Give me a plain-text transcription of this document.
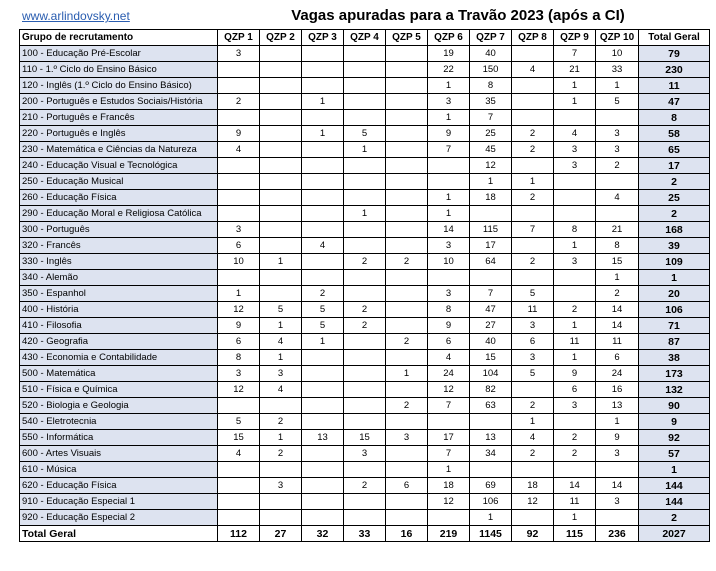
www.arlindovsky.net	Vagas apuradas para a Travão 2023 (após a CI)
Grupo de recrutamento	QZP 1	QZP 2	QZP 3	QZP 4	QZP 5	QZP 6	QZP 7	QZP 8	QZP 9	QZP 10	Total Geral
100 - Educação Pré-Escolar	3					19	40		7	10	79
110 - 1.º Ciclo do Ensino Básico						22	150	4	21	33	230
120 - Inglês (1.º Ciclo do Ensino Básico)						1	8		1	1	11
200 - Português e Estudos Sociais/História	2		1			3	35		1	5	47
210 - Português e Francês						1	7				8
220 - Português e Inglês	9		1	5		9	25	2	4	3	58
230 - Matemática e Ciências da Natureza	4			1		7	45	2	3	3	65
240 - Educação Visual e Tecnológica							12		3	2	17
250 - Educação Musical							1	1			2
260 - Educação Física						1	18	2		4	25
290 - Educação Moral e Religiosa Católica				1		1					2
300 - Português	3					14	115	7	8	21	168
320 - Francês	6		4			3	17		1	8	39
330 - Inglês	10	1		2	2	10	64	2	3	15	109
340 - Alemão										1	1
350 - Espanhol	1		2			3	7	5		2	20
400 - História	12	5	5	2		8	47	11	2	14	106
410 - Filosofia	9	1	5	2		9	27	3	1	14	71
420 - Geografia	6	4	1		2	6	40	6	11	11	87
430 - Economia e Contabilidade	8	1				4	15	3	1	6	38
500 - Matemática	3	3			1	24	104	5	9	24	173
510 - Física e Química	12	4				12	82		6	16	132
520 - Biologia e Geologia					2	7	63	2	3	13	90
540 - Eletrotecnia	5	2						1		1	9
550 - Informática	15	1	13	15	3	17	13	4	2	9	92
600 - Artes Visuais	4	2		3		7	34	2	2	3	57
610 - Música						1					1
620 - Educação Física		3		2	6	18	69	18	14	14	144
910 - Educação Especial 1						12	106	12	11	3	144
920 - Educação Especial 2							1		1		2
Total Geral	112	27	32	33	16	219	1145	92	115	236	2027
